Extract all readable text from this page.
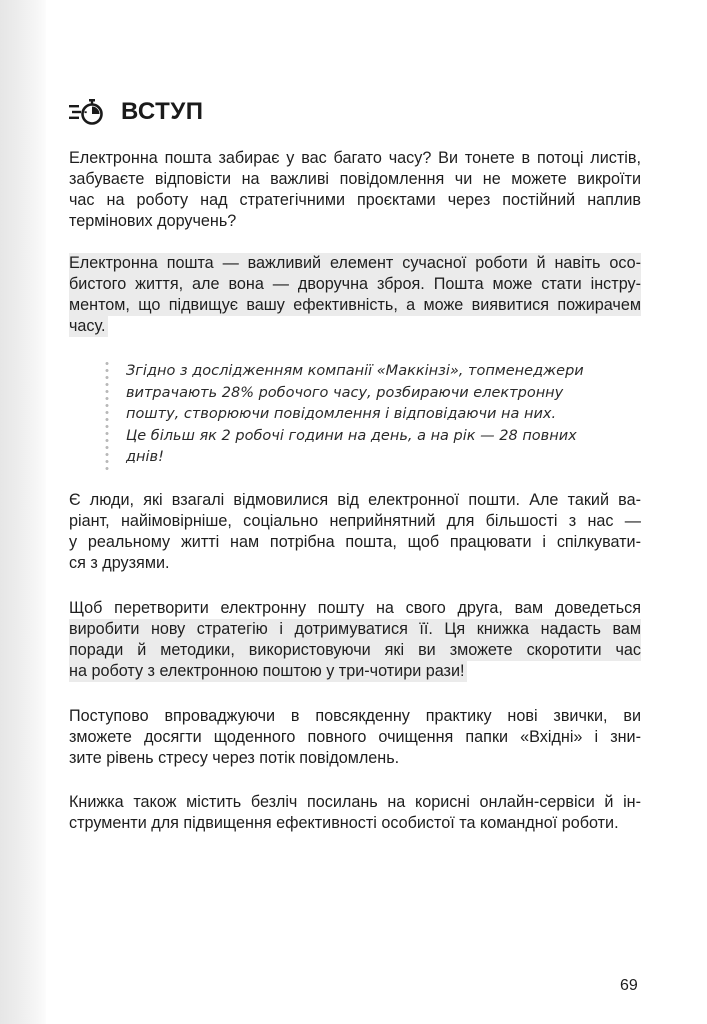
ВСТУП
Електронна пошта забирає у вас багато часу? Ви тонете в потоці листів,
забуваєте відповісти на важливі повідомлення чи не можете викроїти
час на роботу над стратегічними проєктами через постійний наплив
термінових доручень?
Електронна пошта — важливий елемент сучасної роботи й навіть осо-
бистого життя, але вона — дворучна зброя. Пошта може стати інстру-
ментом, що підвищує вашу ефективність, а може виявитися пожирачем
часу.
Згідно з дослідженням компанії «Маккінзі», топменеджери
витрачають 28% робочого часу, розбираючи електронну
пошту, створюючи повідомлення і відповідаючи на них.
Це більш як 2 робочі години на день, а на рік — 28 повних
днів!
Є люди, які взагалі відмовилися від електронної пошти. Але такий ва-
ріант, найімовірніше, соціально неприйнятний для більшості з нас —
у реальному житті нам потрібна пошта, щоб працювати і спілкувати-
ся з друзями.
Щоб перетворити електронну пошту на свого друга, вам доведеться
виробити нову стратегію і дотримуватися її. Ця книжка надасть вам
поради й методики, використовуючи які ви зможете скоротити час
на роботу з електронною поштою у три-чотири рази!
Поступово впроваджуючи в повсякденну практику нові звички, ви
зможете досягти щоденного повного очищення папки «Вхідні» і зни-
зите рівень стресу через потік повідомлень.
Книжка також містить безліч посилань на корисні онлайн-сервіси й ін-
струменти для підвищення ефективності особистої та командної роботи.
69
